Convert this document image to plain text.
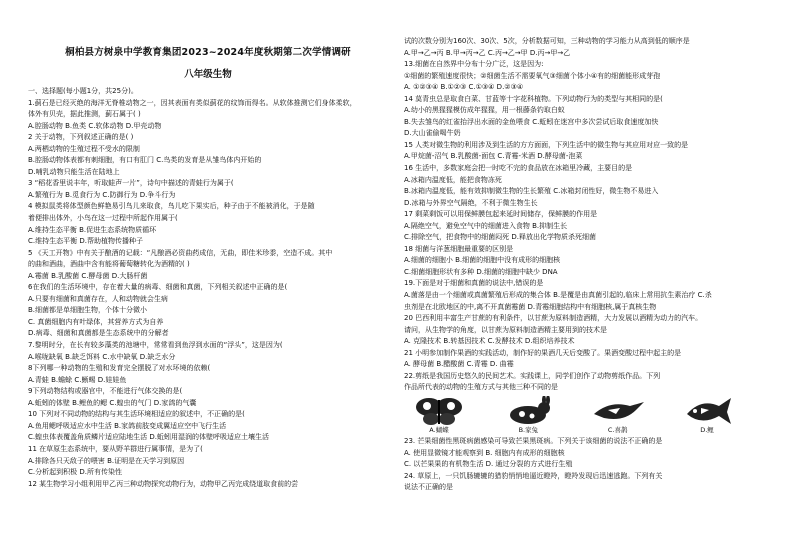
桐柏县方树泉中学教育集团2023~2024年度秋期第二次学情调研
八年级生物
一、选择题(每小题1分，共25分)。
1.蓟石是已经灭绝的海洋无脊椎动物之一，因其表面有类似蓟花的纹饰而得名。从软体推测它们身体柔软，
体外有贝壳，据此推测，蓟石属于( )
A.腔肠动物 B.鱼类 C.软体动物 D.甲壳动物
2 关于动物，下列叙述正确的是( )
A.两栖动物的生殖过程不受水的限制
B.腔肠动物体表都有刺细胞，有口有肛门 C.鸟类的发育是从雏鸟体内开始的
D.哺乳动物只能生活在陆地上
3 “稻花香里说丰年，听取蛙声一片”，诗句中描述的青蛙行为属于(
A.繁殖行为 B.觅食行为 C.防御行为 D.争斗行为
4 模拟鼠类将体型颜色鲜艳易引鸟儿来取食，鸟儿吃下果实后，种子由于不能被消化，于是随
着便排出体外，小鸟在这一过程中所起作用属于(
A.维持生态平衡 B.促进生态系统物质循环
C.维持生态平衡 D.帮助植物传播种子
5 《天工开物》中有关于酿酒的记载：“凡酿酒必资曲药成信，无曲，即佳米珍黍，空造不成。其中
的曲和酒曲，酒曲中含有能将葡萄糖转化为酒精的( )
A.霉菌 B.乳酸菌 C.酵母菌 D.大肠杆菌
6在我们的生活环境中，存在着大量的病毒、细菌和真菌，下列相关叙述中正确的是(
A.只要有细菌和真菌存在，人和动物就会生病
B.细菌都是单细胞生物，个体十分微小
C. 真菌细胞内有叶绿体，其营养方式为自养
D.病毒、细菌和真菌都是生态系统中的分解者
7.黎明时分，在长有较多藻类的池塘中，常常看到鱼浮到水面的“浮头”，这是因为(
A.喉咙缺氧 B.缺乏饵料 C.水中缺氧 D.缺乏水分
8下列哪一种动物的生殖和发育完全摆脱了对水环境的依赖(
A.青蛙 B.蟾蜍 C.蜥蜴 D.娃娃鱼
9下列动物结构或器官中，不能进行气体交换的是(
A.蚯蚓的体壁 B.鲤鱼的鳃 C.蝗虫的气门 D.家鸽的气囊
10 下列对不同动物的结构与其生活环境相适应的叙述中，不正确的是(
A.鱼用鳃呼吸适应水中生活 B.家鸽前肢变成翼适应空中飞行生活
C.蝗虫体表覆盖角质鳞片适应陆地生活 D.蚯蚓用湿润的体壁呼吸适应土壤生活
11 在草原生态系统中，要从野羊群进行属事情，是为了(
A.排除各只天敌子的喂害 B.证明是在天学习到原因
C.分析起到积极 D.所有传染性
12 某生物学习小组利用甲乙丙三种动物探究动物行为，动物甲乙丙完成绕道取食前的尝
试的次数分别为160次、30次、5次，分析数据可知，三种动物的学习能力从高到低的顺序是
A.甲→乙→丙 B.甲→丙→乙 C.丙→乙→甲 D.丙→甲→乙
13.细菌在自然界中分布十分广泛，这是因为:
①细菌的繁殖速度很快；②细菌生活不需要氧气③细菌个体小④有的细菌能形成芽孢
A. ①②③④ B.①②③ C.①③④ D.②③④
14 莫青虫总是取食白菜、甘蓝等十字花科植物。下列动物行为的类型与其相同的是(
A.幼小的黑猩猩模仿成年猩猩，用一根藤条钓取白蚁
B.失去雏鸟的红雀抬浮出水面的金鱼喂食 C.蚯蚓在迷宫中多次尝试后取食速度加快
D.大山雀偷喝牛奶
15 人类对微生物的利用涉及到生活的方方面面，下列生活中的微生物与其应用对应一致的是
A.甲烷菌-沼气 B.乳酸菌-面包 C.青霉-米酒 D.酵母菌-泡菜
16 生活中，多数家庭会把一时吃不完的食品放在冰箱里冷藏，主要目的是
A.冰箱内温度低，能把食物冻死
B.冰箱内温度低，能有效抑制微生物的生长繁殖 C.冰箱封闭性好，微生物不易进入
D.冰箱与外界空气隔绝，不利于微生物生长
17 剩菜剩饭可以用保鲜膜包起来延时间储存，保鲜膜的作用是
A.隔绝空气，避免空气中的细菌进入食物 B.抑制生长
C.排除空气，把食物中的细菌闷死 D.释放出化学物质杀死细菌
18 细菌与洋葱细胞最重要的区别是
A.细菌的细胞小 B.细菌的细胞中没有成形的细胞核
C.细菌细胞形状有多种 D.细菌的细胞中缺少 DNA
19.下面是对于细菌和真菌的说法中,错误的是
A.菌落是由一个细菌或真菌繁殖后形成的集合体 B.是覆是由真菌引起的,临床上常用抗生素治疗 C.杀
虫剂是在北欧地区的中,离不开真菌霉菌 D.青霉细胞结构中有细胞核,属于真核生物
20 巴西利用丰富生产甘蔗的有利条件，以甘蔗为原料制造酒精，大力发展以酒精为动力的汽车。
请问，从生物学的角度，以甘蔗为原料制造酒精主要用到的技术是
A. 克隆技术 B.转基因技术 C.发酵技术 D.组织培养技术
21 小明参加制作果酒的实践活动，制作好的果酒几天后变酸了。果酒变酸过程中起主的是
A. 酵母菌 B.醋酸菌 C.青霉 D. 曲霉
22.剪纸是我国历史悠久的民间艺术。实践课上，同学们创作了动物剪纸作品。下列
作品所代表的动物的生殖方式与其他三种不同的是
A.蝴蝶	B.家兔	C.喜鹊	D.鲤
23. 芒果细菌性黑斑病菌感染可导致芒果黑斑病。下列关于该细菌的说法不正确的是
A. 使用显微镜才能观察到 B. 细胞内有成形的细胞核
C. 以芒果果的有机物生活 D. 通过分裂的方式进行生殖
24. 草原上，一只饥肠辘辘的猎豹悄悄地逼近瞪羚，瞪羚发现后迅速逃跑。下列有关
说法不正确的是
